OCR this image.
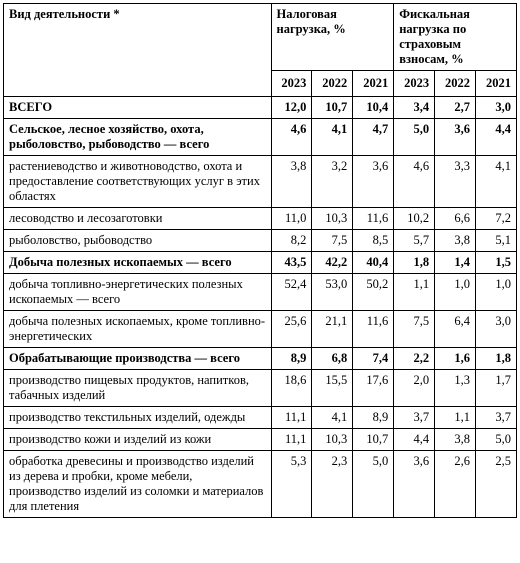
Вид деятельности *	Налоговая нагрузка, %			Фискальная нагрузка по страховым взносам, %		
	2023	2022	2021	2023	2022	2021
ВСЕГО	12,0	10,7	10,4	3,4	2,7	3,0
Сельское, лесное хозяйство, охота, рыболовство, рыбоводство — всего	4,6	4,1	4,7	5,0	3,6	4,4
растениеводство и животноводство, охота и предоставление соответствующих услуг в этих областях	3,8	3,2	3,6	4,6	3,3	4,1
лесоводство и лесозаготовки	11,0	10,3	11,6	10,2	6,6	7,2
рыболовство, рыбоводство	8,2	7,5	8,5	5,7	3,8	5,1
Добыча полезных ископаемых — всего	43,5	42,2	40,4	1,8	1,4	1,5
добыча топливно-энергетических полезных ископаемых — всего	52,4	53,0	50,2	1,1	1,0	1,0
добыча полезных ископаемых, кроме топливно-энергетических	25,6	21,1	11,6	7,5	6,4	3,0
Обрабатывающие производства — всего	8,9	6,8	7,4	2,2	1,6	1,8
производство пищевых продуктов, напитков, табачных изделий	18,6	15,5	17,6	2,0	1,3	1,7
производство текстильных изделий, одежды	11,1	4,1	8,9	3,7	1,1	3,7
производство кожи и изделий из кожи	11,1	10,3	10,7	4,4	3,8	5,0
обработка древесины и производство изделий из дерева и пробки, кроме мебели, производство изделий из соломки и материалов для плетения	5,3	2,3	5,0	3,6	2,6	2,5
